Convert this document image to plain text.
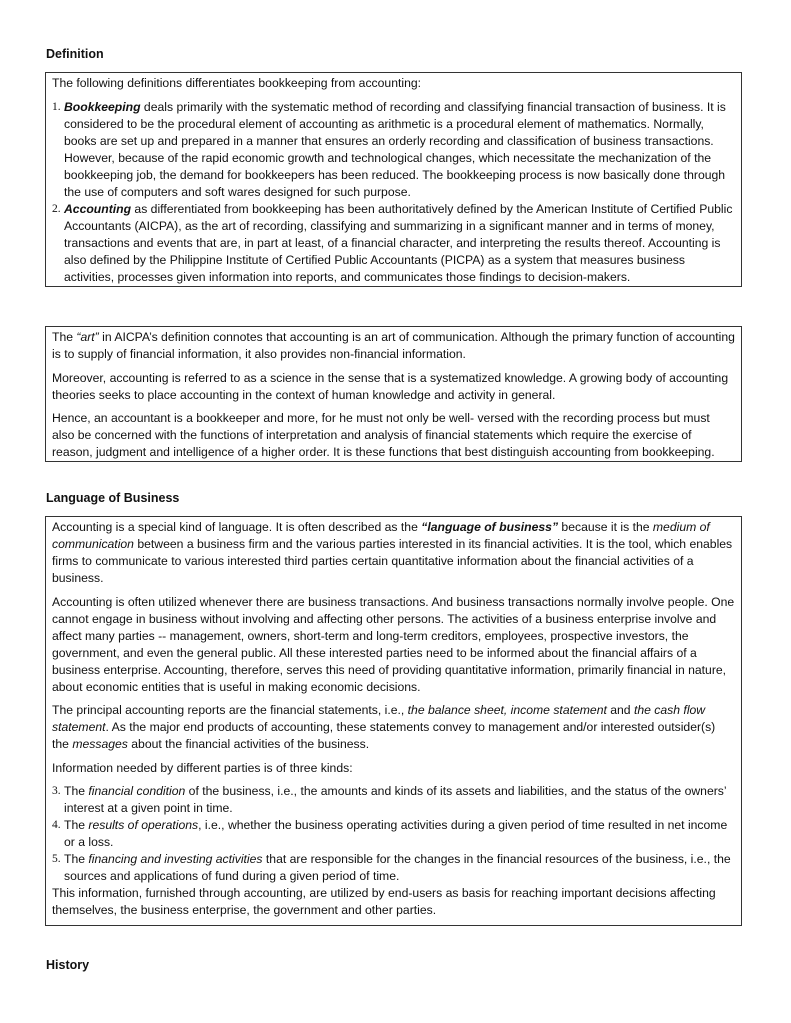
Definition

The following definitions differentiates bookkeeping from accounting:

1. Bookkeeping deals primarily with the systematic method of recording and classifying financial transaction of business. It is considered to be the procedural element of accounting as arithmetic is a procedural element of mathematics. Normally, books are set up and prepared in a manner that ensures an orderly recording and classification of business transactions. However, because of the rapid economic growth and technological changes, which necessitate the mechanization of the bookkeeping job, the demand for bookkeepers has been reduced. The bookkeeping process is now basically done through the use of computers and soft wares designed for such purpose.
2. Accounting as differentiated from bookkeeping has been authoritatively defined by the American Institute of Certified Public Accountants (AICPA), as the art of recording, classifying and summarizing in a significant manner and in terms of money, transactions and events that are, in part at least, of a financial character, and interpreting the results thereof. Accounting is also defined by the Philippine Institute of Certified Public Accountants (PICPA) as a system that measures business activities, processes given information into reports, and communicates those findings to decision-makers.

The “art” in AICPA’s definition connotes that accounting is an art of communication. Although the primary function of accounting is to supply of financial information, it also provides non-financial information.

Moreover, accounting is referred to as a science in the sense that is a systematized knowledge. A growing body of accounting theories seeks to place accounting in the context of human knowledge and activity in general.

Hence, an accountant is a bookkeeper and more, for he must not only be well- versed with the recording process but must also be concerned with the functions of interpretation and analysis of financial statements which require the exercise of reason, judgment and intelligence of a higher order. It is these functions that best distinguish accounting from bookkeeping.

Language of Business

Accounting is a special kind of language. It is often described as the “language of business” because it is the medium of communication between a business firm and the various parties interested in its financial activities. It is the tool, which enables firms to communicate to various interested third parties certain quantitative information about the financial activities of a business.

Accounting is often utilized whenever there are business transactions. And business transactions normally involve people. One cannot engage in business without involving and affecting other persons. The activities of a business enterprise involve and affect many parties -- management, owners, short-term and long-term creditors, employees, prospective investors, the government, and even the general public. All these interested parties need to be informed about the financial affairs of a business enterprise. Accounting, therefore, serves this need of providing quantitative information, primarily financial in nature, about economic entities that is useful in making economic decisions.

The principal accounting reports are the financial statements, i.e., the balance sheet, income statement and the cash flow statement. As the major end products of accounting, these statements convey to management and/or interested outsider(s) the messages about the financial activities of the business.

Information needed by different parties is of three kinds:

3. The financial condition of the business, i.e., the amounts and kinds of its assets and liabilities, and the status of the owners’ interest at a given point in time.
4. The results of operations, i.e., whether the business operating activities during a given period of time resulted in net income or a loss.
5. The financing and investing activities that are responsible for the changes in the financial resources of the business, i.e., the sources and applications of fund during a given period of time.

This information, furnished through accounting, are utilized by end-users as basis for reaching important decisions affecting themselves, the business enterprise, the government and other parties.

History
